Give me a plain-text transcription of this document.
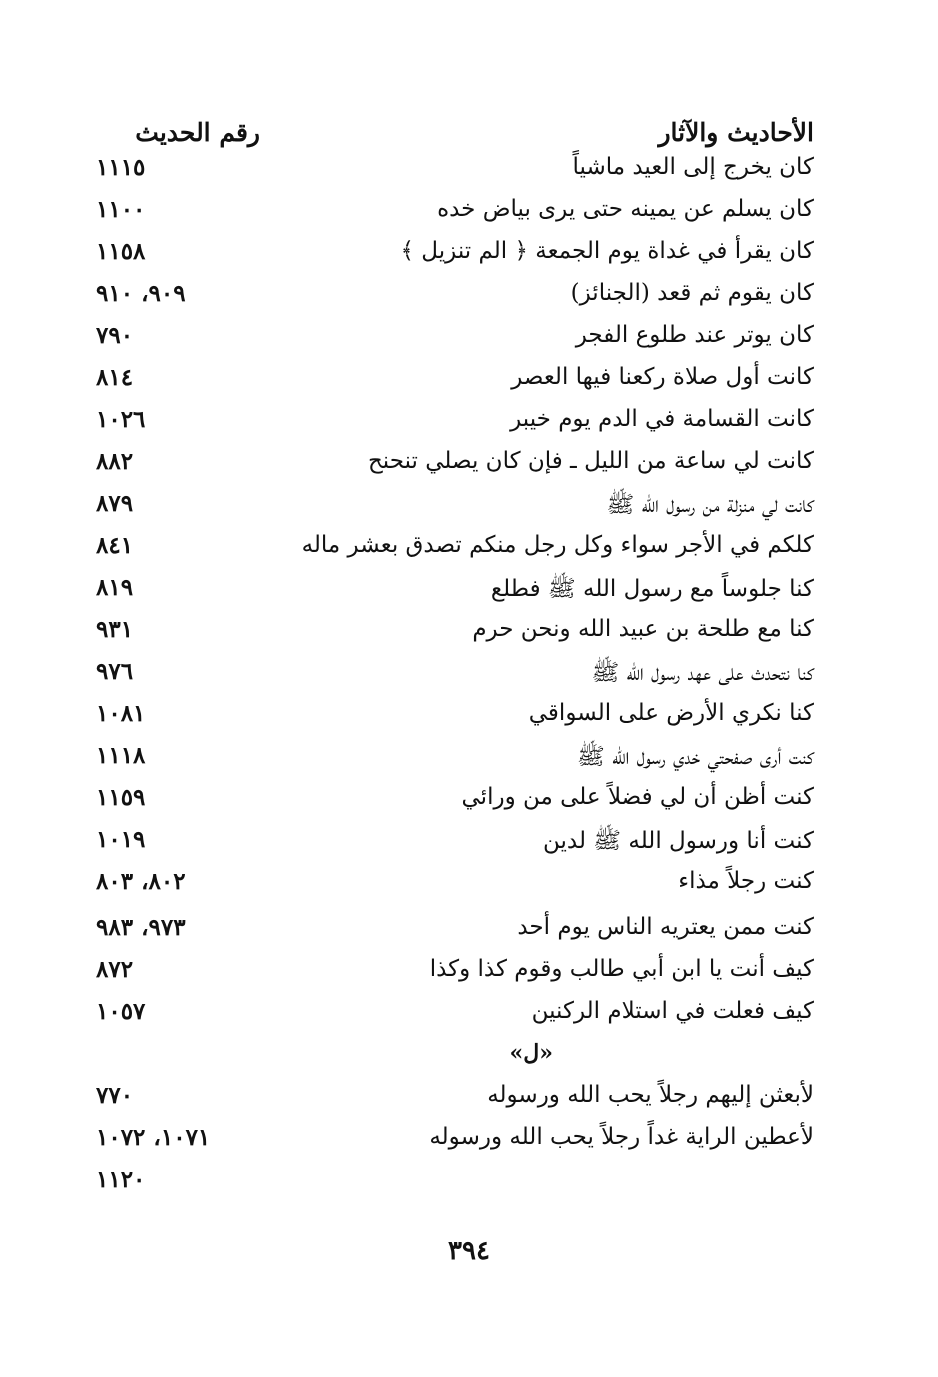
الأحاديث والآثار
رقم الحديث
كان يخرج إلى العيد ماشياً
١١١٥
كان يسلم عن يمينه حتى يرى بياض خده
١١٠٠
كان يقرأ في غداة يوم الجمعة ﴿ الم تنزيل ﴾
١١٥٨
كان يقوم ثم قعد (الجنائز)
٩٠٩، ٩١٠
كان يوتر عند طلوع الفجر
٧٩٠
كانت أول صلاة ركعنا فيها العصر
٨١٤
كانت القسامة في الدم يوم خيبر
١٠٢٦
كانت لي ساعة من الليل ـ فإن كان يصلي تنحنح
٨٨٢
كانت لي منزلة من رسول الله ﷺ
٨٧٩
كلكم في الأجر سواء وكل رجل منكم تصدق بعشر ماله
٨٤١
كنا جلوساً مع رسول الله ﷺ فطلع
٨١٩
كنا مع طلحة بن عبيد الله ونحن حرم
٩٣١
كنا نتحدث على عهد رسول الله ﷺ
٩٧٦
كنا نكري الأرض على السواقي
١٠٨١
كنت أرى صفحتي خدي رسول الله ﷺ
١١١٨
كنت أظن أن لي فضلاً على من ورائي
١١٥٩
كنت أنا ورسول الله ﷺ لدين
١٠١٩
كنت رجلاً مذاء
٨٠٢، ٨٠٣
كنت ممن يعتريه الناس يوم أحد
٩٧٣، ٩٨٣
كيف أنت يا ابن أبي طالب وقوم كذا وكذا
٨٧٢
كيف فعلت في استلام الركنين
١٠٥٧
«ل»
لأبعثن إليهم رجلاً يحب الله ورسوله
٧٧٠
لأعطين الراية غداً رجلاً يحب الله ورسوله
١٠٧١، ١٠٧٢
١١٢٠
٣٩٤
